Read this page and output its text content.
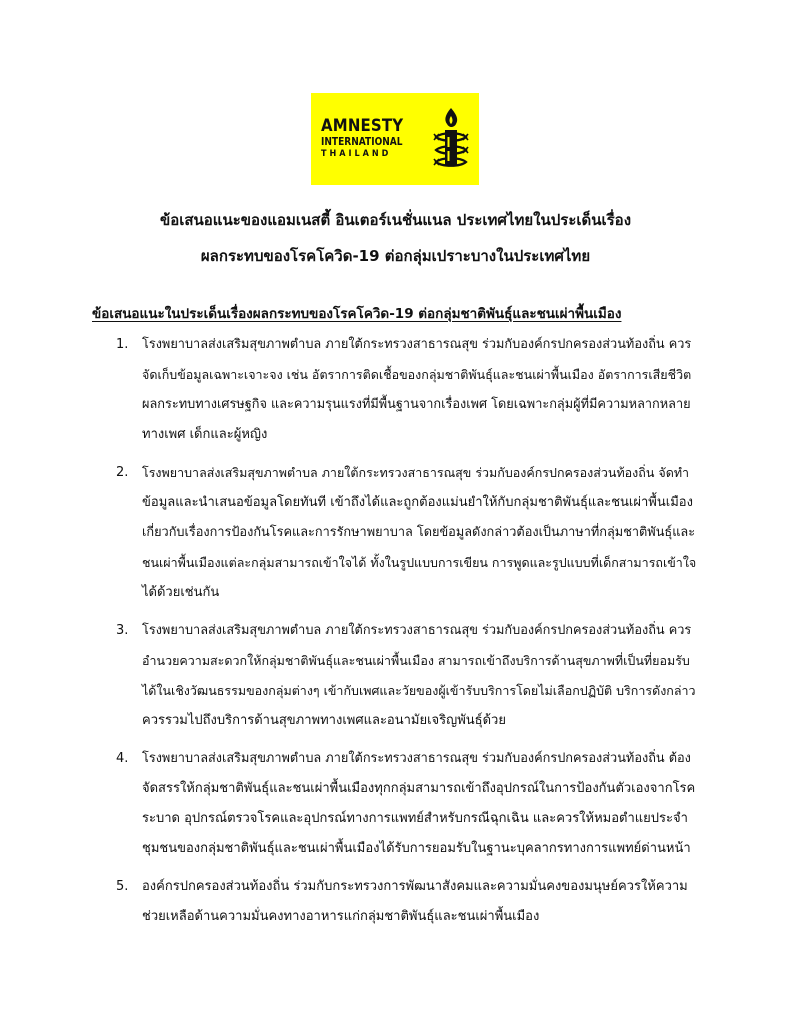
AMNESTY
INTERNATIONAL
THAILAND
ข้อเสนอแนะของแอมเนสตี้ อินเตอร์เนชั่นแนล ประเทศไทยในประเด็นเรื่อง
ผลกระทบของโรคโควิด-19 ต่อกลุ่มเปราะบางในประเทศไทย
ข้อเสนอแนะในประเด็นเรื่องผลกระทบของโรคโควิด-19 ต่อกลุ่มชาติพันธุ์และชนเผ่าพื้นเมือง
1. โรงพยาบาลส่งเสริมสุขภาพตำบล ภายใต้กระทรวงสาธารณสุข ร่วมกับองค์กรปกครองส่วนท้องถิ่น ควร
จัดเก็บข้อมูลเฉพาะเจาะจง เช่น อัตราการติดเชื้อของกลุ่มชาติพันธุ์และชนเผ่าพื้นเมือง อัตราการเสียชีวิต
ผลกระทบทางเศรษฐกิจ และความรุนแรงที่มีพื้นฐานจากเรื่องเพศ โดยเฉพาะกลุ่มผู้ที่มีความหลากหลาย
ทางเพศ เด็กและผู้หญิง
2. โรงพยาบาลส่งเสริมสุขภาพตำบล ภายใต้กระทรวงสาธารณสุข ร่วมกับองค์กรปกครองส่วนท้องถิ่น จัดทำ
ข้อมูลและนำเสนอข้อมูลโดยทันที เข้าถึงได้และถูกต้องแม่นยำให้กับกลุ่มชาติพันธุ์และชนเผ่าพื้นเมือง
เกี่ยวกับเรื่องการป้องกันโรคและการรักษาพยาบาล โดยข้อมูลดังกล่าวต้องเป็นภาษาที่กลุ่มชาติพันธุ์และ
ชนเผ่าพื้นเมืองแต่ละกลุ่มสามารถเข้าใจได้ ทั้งในรูปแบบการเขียน การพูดและรูปแบบที่เด็กสามารถเข้าใจ
ได้ด้วยเช่นกัน
3. โรงพยาบาลส่งเสริมสุขภาพตำบล ภายใต้กระทรวงสาธารณสุข ร่วมกับองค์กรปกครองส่วนท้องถิ่น ควร
อำนวยความสะดวกให้กลุ่มชาติพันธุ์และชนเผ่าพื้นเมือง สามารถเข้าถึงบริการด้านสุขภาพที่เป็นที่ยอมรับ
ได้ในเชิงวัฒนธรรมของกลุ่มต่างๆ เข้ากับเพศและวัยของผู้เข้ารับบริการโดยไม่เลือกปฏิบัติ บริการดังกล่าว
ควรรวมไปถึงบริการด้านสุขภาพทางเพศและอนามัยเจริญพันธุ์ด้วย
4. โรงพยาบาลส่งเสริมสุขภาพตำบล ภายใต้กระทรวงสาธารณสุข ร่วมกับองค์กรปกครองส่วนท้องถิ่น ต้อง
จัดสรรให้กลุ่มชาติพันธุ์และชนเผ่าพื้นเมืองทุกกลุ่มสามารถเข้าถึงอุปกรณ์ในการป้องกันตัวเองจากโรค
ระบาด อุปกรณ์ตรวจโรคและอุปกรณ์ทางการแพทย์สำหรับกรณีฉุกเฉิน และควรให้หมอตำแยประจำ
ชุมชนของกลุ่มชาติพันธุ์และชนเผ่าพื้นเมืองได้รับการยอมรับในฐานะบุคลากรทางการแพทย์ด่านหน้า
5. องค์กรปกครองส่วนท้องถิ่น ร่วมกับกระทรวงการพัฒนาสังคมและความมั่นคงของมนุษย์ควรให้ความ
ช่วยเหลือด้านความมั่นคงทางอาหารแก่กลุ่มชาติพันธุ์และชนเผ่าพื้นเมือง
